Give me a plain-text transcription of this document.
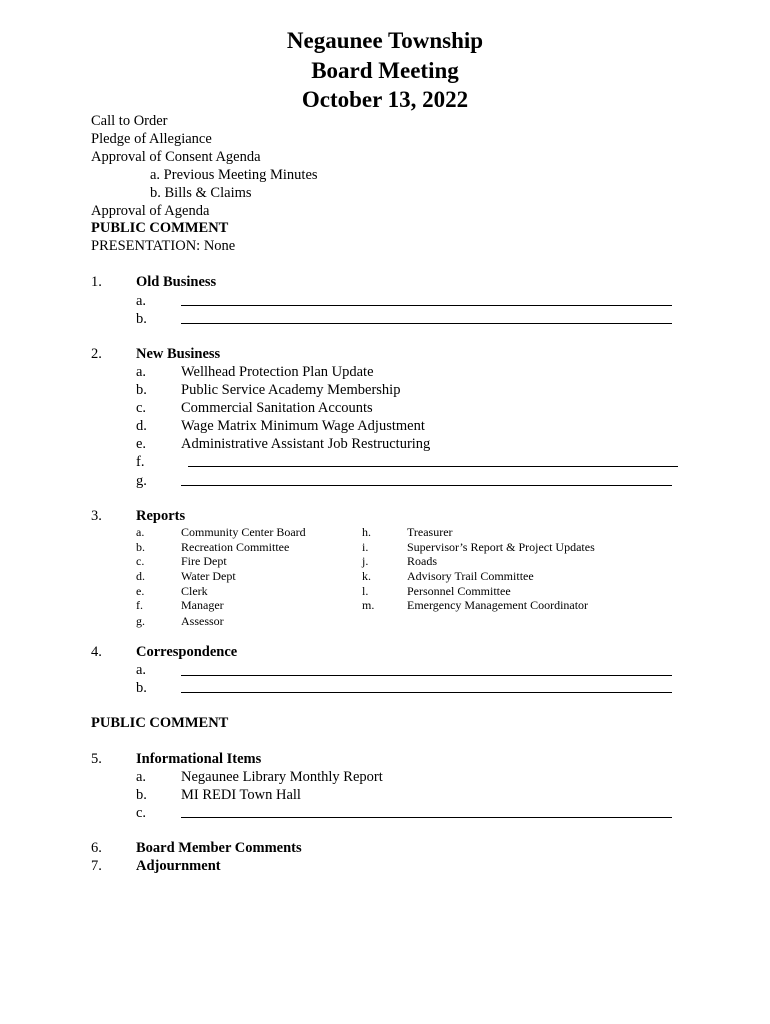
Negaunee Township
Board Meeting
October 13, 2022
Call to Order
Pledge of Allegiance
Approval of Consent Agenda
a. Previous Meeting Minutes
b. Bills & Claims
Approval of Agenda
PUBLIC COMMENT
PRESENTATION: None
1. Old Business
a.
b.
2. New Business
a. Wellhead Protection Plan Update
b. Public Service Academy Membership
c. Commercial Sanitation Accounts
d. Wage Matrix Minimum Wage Adjustment
e. Administrative Assistant Job Restructuring
f.
g.
3. Reports
a.	Community Center Board
b.	Recreation Committee
c.	Fire Dept
d.	Water Dept
e.	Clerk
f.	Manager
g.	Assessor
h.	Treasurer
i.	Supervisor’s Report & Project Updates
j.	Roads
k.	Advisory Trail Committee
l.	Personnel Committee
m.	Emergency Management Coordinator
4. Correspondence
a.
b.
PUBLIC COMMENT
5. Informational Items
a. Negaunee Library Monthly Report
b. MI REDI Town Hall
c.
6. Board Member Comments
7. Adjournment
